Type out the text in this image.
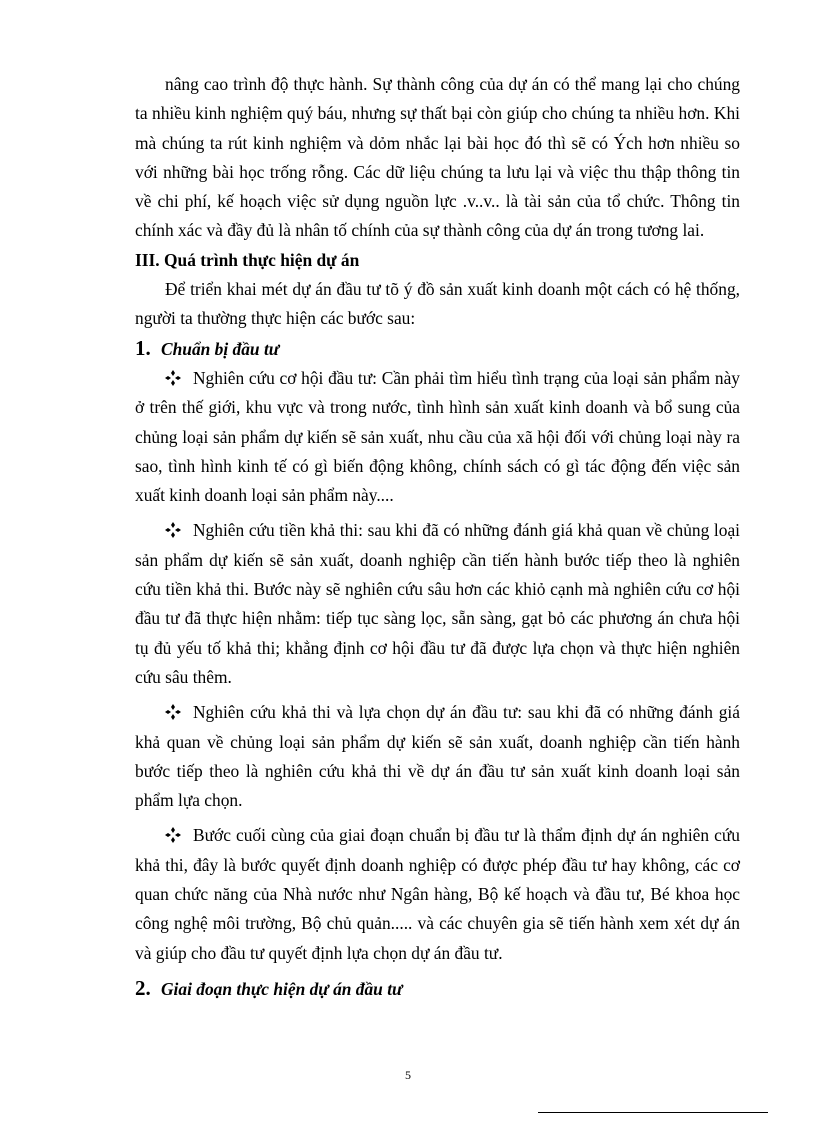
nâng cao trình độ thực hành. Sự thành công của dự án có thể mang lại cho chúng ta nhiều kinh nghiệm quý báu, nhưng sự thất bại còn giúp cho chúng ta nhiều hơn. Khi mà chúng ta rút kinh nghiệm và dỏm nhắc lại bài học đó thì sẽ có Ých hơn nhiều so với những bài học trống rỗng. Các dữ liệu chúng ta lưu lại và việc thu thập thông tin về chi phí, kế hoạch việc sử dụng nguồn lực .v..v.. là tài sản của tổ chức. Thông tin chính xác và đầy đủ là nhân tố chính của sự thành công của dự án trong tương lai.

III. Quá trình thực hiện dự án

Để triển khai mét dự án đầu tư tõ ý đồ sản xuất kinh doanh một cách có hệ thống, người ta thường thực hiện các bước sau:

1. Chuẩn bị đầu tư

Nghiên cứu cơ hội đầu tư: Cần phải tìm hiểu tình trạng của loại sản phẩm này ở trên thế giới, khu vực và trong nước, tình hình sản xuất kinh doanh và bổ sung của chủng loại sản phẩm dự kiến sẽ sản xuất, nhu cầu của xã hội đối với chủng loại này ra sao, tình hình kinh tế có gì biến động không, chính sách có gì tác động đến việc sản xuất kinh doanh loại sản phẩm này....

Nghiên cứu tiền khả thi: sau khi đã có những đánh giá khả quan về chủng loại sản phẩm dự kiến sẽ sản xuất, doanh nghiệp cần tiến hành bước tiếp theo là nghiên cứu tiền khả thi. Bước này sẽ nghiên cứu sâu hơn các khiỏ cạnh mà nghiên cứu cơ hội đầu tư đã thực hiện nhằm: tiếp tục sàng lọc, sẵn sàng, gạt bỏ các phương án chưa hội tụ đủ yếu tố khả thi; khẳng định cơ hội đầu tư đã được lựa chọn và thực hiện nghiên cứu sâu thêm.

Nghiên cứu khả thi và lựa chọn dự án đầu tư: sau khi đã có những đánh giá khả quan về chủng loại sản phẩm dự kiến sẽ sản xuất, doanh nghiệp cần tiến hành bước tiếp theo là nghiên cứu khả thi về dự án đầu tư sản xuất kinh doanh loại sản phẩm lựa chọn.

Bước cuối cùng của giai đoạn chuẩn bị đầu tư là thẩm định dự án nghiên cứu khả thi, đây là bước quyết định doanh nghiệp có được phép đầu tư hay không, các cơ quan chức năng của Nhà nước như Ngân hàng, Bộ kế hoạch và đầu tư, Bé khoa học công nghệ môi trường, Bộ chủ quản..... và các chuyên gia sẽ tiến hành xem xét dự án và giúp cho đầu tư quyết định lựa chọn dự án đầu tư.

2. Giai đoạn thực hiện dự án đầu tư

5
